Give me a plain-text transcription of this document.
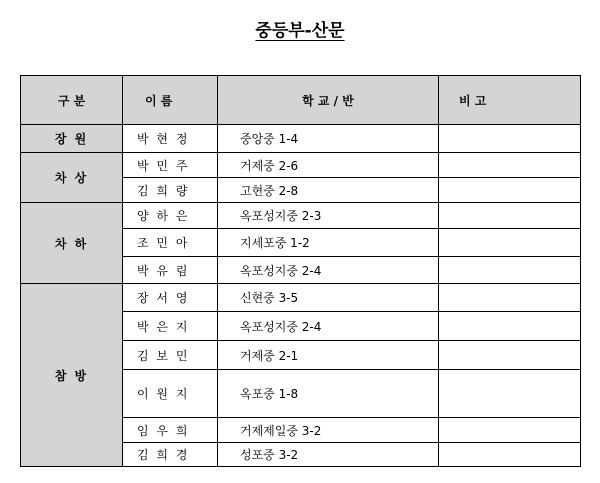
중등부-산문
구 분	이 름	학 교 / 반	비 고
장 원	박 현 정	중앙중 1-4	
차 상	박 민 주	거제중 2-6	
	김 희 량	고현중 2-8	
차 하	양 하 은	옥포성지중 2-3	
	조 민 아	지세포중 1-2	
	박 유 림	옥포성지중 2-4	
참 방	장 서 영	신현중 3-5	
	박 은 지	옥포성지중 2-4	
	김 보 민	거제중 2-1	
	이 원 지	옥포중 1-8	
	임 우 희	거제제일중 3-2	
	김 희 경	성포중 3-2	
